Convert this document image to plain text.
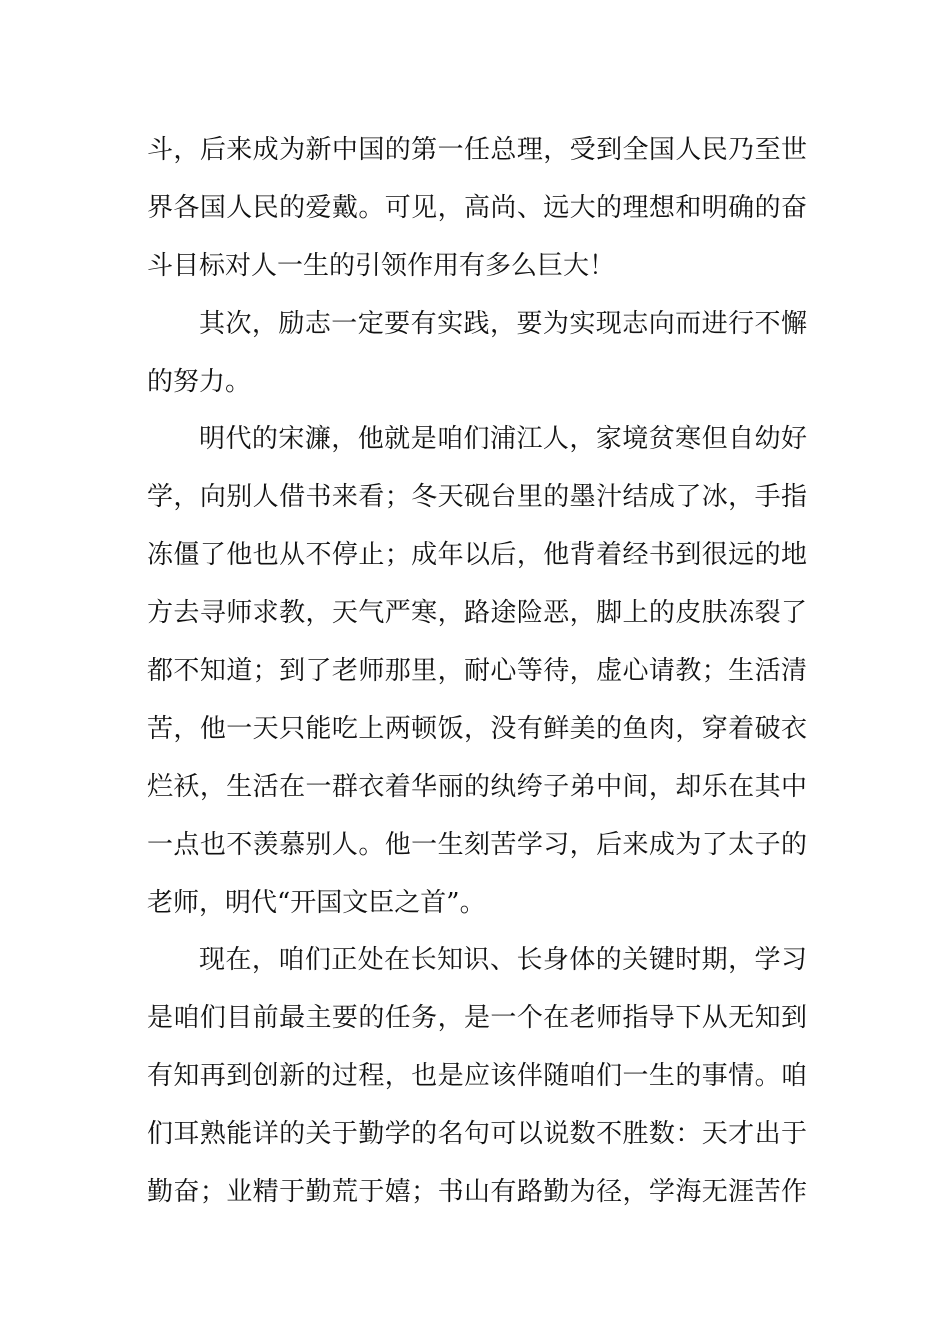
斗，后来成为新中国的第一任总理，受到全国人民乃至世
界各国人民的爱戴。可见，高尚、远大的理想和明确的奋
斗目标对人一生的引领作用有多么巨大！
其次，励志一定要有实践，要为实现志向而进行不懈
的努力。
明代的宋濂，他就是咱们浦江人，家境贫寒但自幼好
学，向别人借书来看；冬天砚台里的墨汁结成了冰，手指
冻僵了他也从不停止；成年以后，他背着经书到很远的地
方去寻师求教，天气严寒，路途险恶，脚上的皮肤冻裂了
都不知道；到了老师那里，耐心等待，虚心请教；生活清
苦，他一天只能吃上两顿饭，没有鲜美的鱼肉，穿着破衣
烂袄，生活在一群衣着华丽的纨绔子弟中间，却乐在其中
一点也不羡慕别人。他一生刻苦学习，后来成为了太子的
老师，明代“开国文臣之首”。
现在，咱们正处在长知识、长身体的关键时期，学习
是咱们目前最主要的任务，是一个在老师指导下从无知到
有知再到创新的过程，也是应该伴随咱们一生的事情。咱
们耳熟能详的关于勤学的名句可以说数不胜数：天才出于
勤奋；业精于勤荒于嬉；书山有路勤为径，学海无涯苦作
